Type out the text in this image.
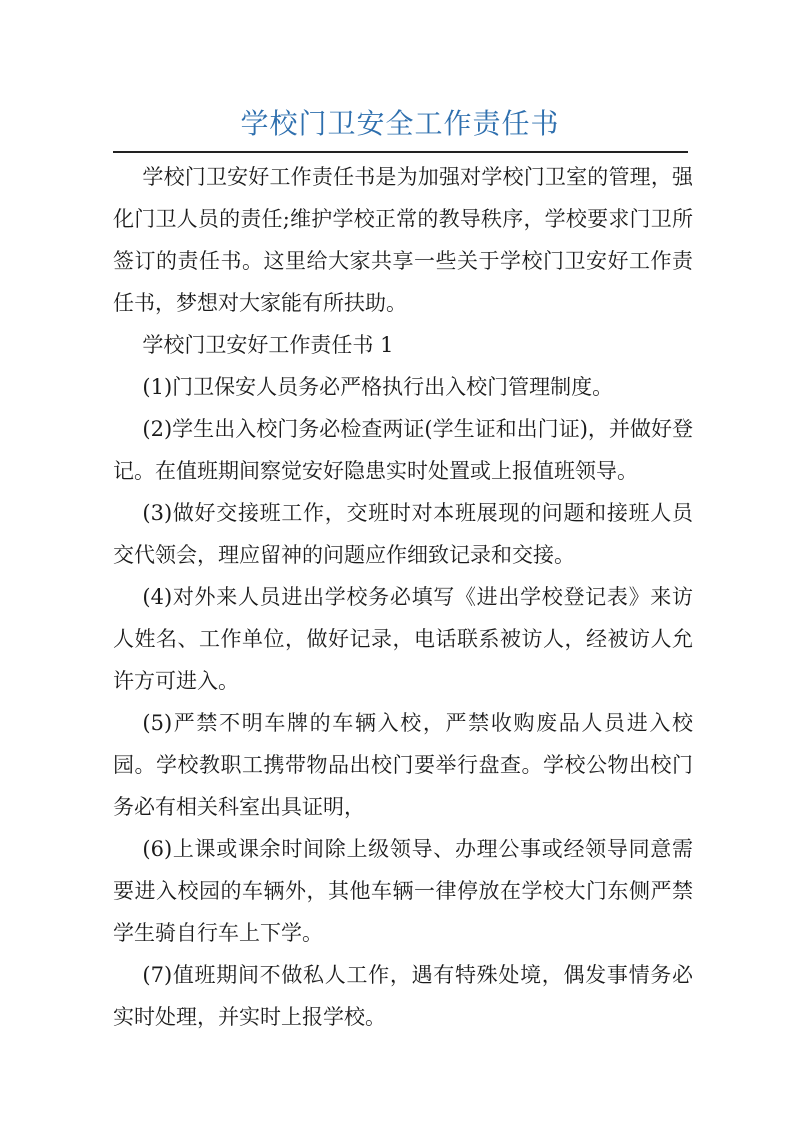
学校门卫安全工作责任书

学校门卫安好工作责任书是为加强对学校门卫室的管理，强化门卫人员的责任;维护学校正常的教导秩序，学校要求门卫所签订的责任书。这里给大家共享一些关于学校门卫安好工作责任书，梦想对大家能有所扶助。

学校门卫安好工作责任书 1

(1)门卫保安人员务必严格执行出入校门管理制度。

(2)学生出入校门务必检查两证(学生证和出门证)，并做好登记。在值班期间察觉安好隐患实时处置或上报值班领导。

(3)做好交接班工作，交班时对本班展现的问题和接班人员交代领会，理应留神的问题应作细致记录和交接。

(4)对外来人员进出学校务必填写《进出学校登记表》来访人姓名、工作单位，做好记录，电话联系被访人，经被访人允许方可进入。

(5)严禁不明车牌的车辆入校，严禁收购废品人员进入校园。学校教职工携带物品出校门要举行盘查。学校公物出校门务必有相关科室出具证明，

(6)上课或课余时间除上级领导、办理公事或经领导同意需要进入校园的车辆外，其他车辆一律停放在学校大门东侧严禁学生骑自行车上下学。

(7)值班期间不做私人工作，遇有特殊处境，偶发事情务必实时处理，并实时上报学校。
